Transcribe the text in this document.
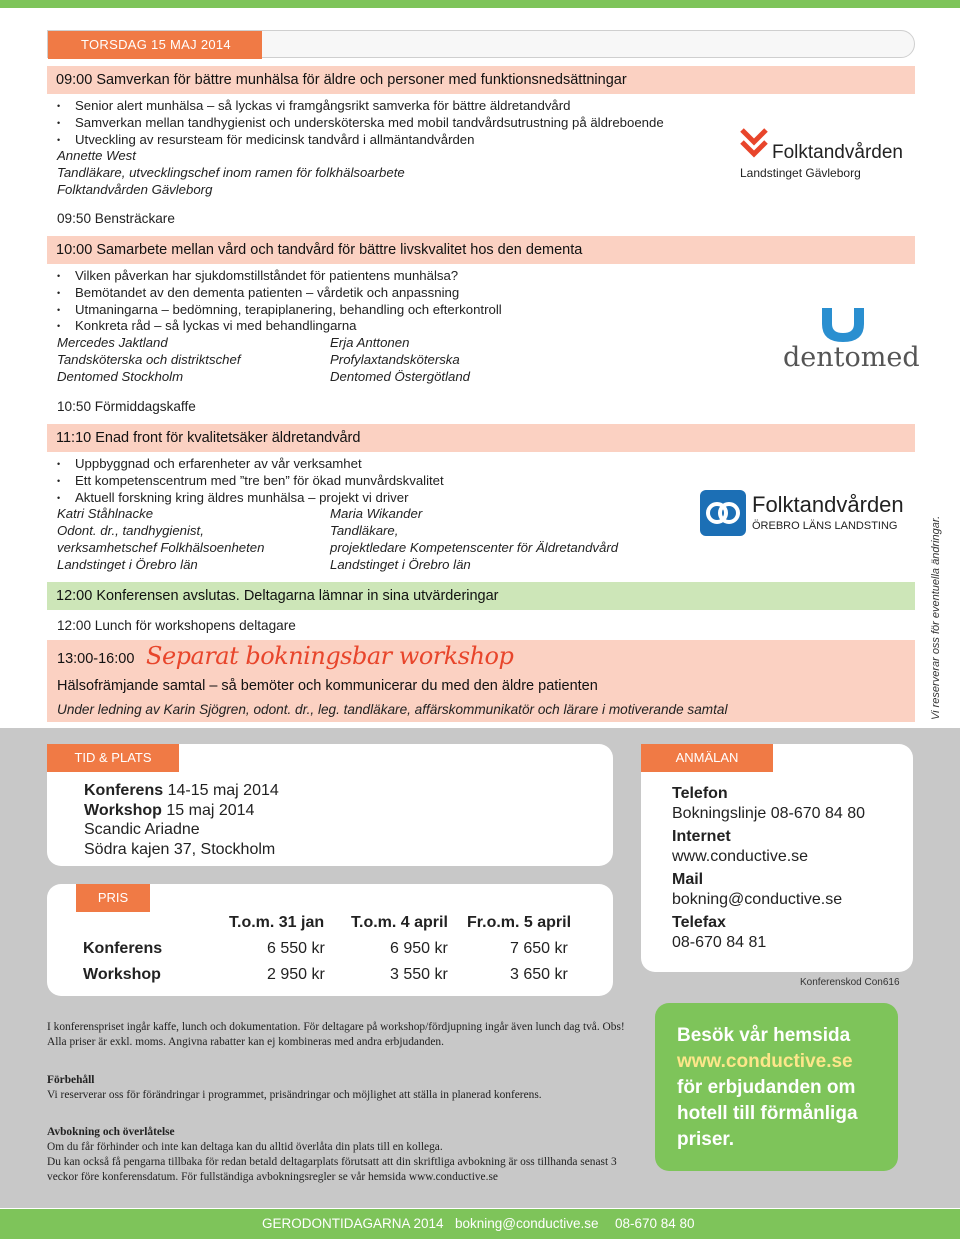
TORSDAG 15 MAJ 2014
09:00 Samverkan för bättre munhälsa för äldre och personer med funktionsnedsättningar
• Senior alert munhälsa – så lyckas vi framgångsrikt samverka för bättre äldretandvård
• Samverkan mellan tandhygienist och undersköterska med mobil tandvårdsutrustning på äldreboende
• Utveckling av resursteam för medicinsk tandvård i allmäntandvården
Annette West
Tandläkare, utvecklingschef inom ramen för folkhälsoarbete
Folktandvården Gävleborg
Folktandvården
Landstinget Gävleborg
09:50 Bensträckare
10:00 Samarbete mellan vård och tandvård för bättre livskvalitet hos den dementa
• Vilken påverkan har sjukdomstillståndet för patientens munhälsa?
• Bemötandet av den dementa patienten – vårdetik och anpassning
• Utmaningarna – bedömning, terapiplanering, behandling och efterkontroll
• Konkreta råd – så lyckas vi med behandlingarna
Mercedes Jaktland
Tandsköterska och distriktschef
Dentomed Stockholm
Erja Anttonen
Profylaxtandsköterska
Dentomed Östergötland
dentomed
10:50 Förmiddagskaffe
11:10 Enad front för kvalitetsäker äldretandvård
• Uppbyggnad och erfarenheter av vår verksamhet
• Ett kompetenscentrum med ”tre ben” för ökad munvårdskvalitet
• Aktuell forskning kring äldres munhälsa – projekt vi driver
Katri Ståhlnacke
Odont. dr., tandhygienist,
verksamhetschef Folkhälsoenheten
Landstinget i Örebro län
Maria Wikander
Tandläkare,
projektledare Kompetenscenter för Äldretandvård
Landstinget i Örebro län
Folktandvården
ÖREBRO LÄNS LANDSTING
12:00 Konferensen avslutas. Deltagarna lämnar in sina utvärderingar
12:00 Lunch för workshopens deltagare
13:00-16:00 Separat bokningsbar workshop
Hälsofrämjande samtal – så bemöter och kommunicerar du med den äldre patienten
Under ledning av Karin Sjögren, odont. dr., leg. tandläkare, affärskommunikatör och lärare i motiverande samtal	Vi reserverar oss för eventuella ändringar.
TID & PLATS
Konferens 14-15 maj 2014
Workshop 15 maj 2014
Scandic Ariadne
Södra kajen 37, Stockholm
PRIS
T.o.m. 31 jan T.o.m. 4 april Fr.o.m. 5 april
Konferens	6 550 kr	6 950 kr	7 650 kr
Workshop	2 950 kr	3 550 kr	3 650 kr
ANMÄLAN
Telefon
Bokningslinje 08-670 84 80
Internet
www.conductive.se
Mail
bokning@conductive.se
Telefax
08-670 84 81
Konferenskod Con616
I konferenspriset ingår kaffe, lunch och dokumentation. För deltagare på workshop/fördjupning ingår även lunch dag två. Obs! Alla priser är exkl. moms. Angivna rabatter kan ej kombineras med andra erbjudanden.
Förbehåll
Vi reserverar oss för förändringar i programmet, prisändringar och möjlighet att ställa in planerad konferens.
Avbokning och överlåtelse
Om du får förhinder och inte kan deltaga kan du alltid överlåta din plats till en kollega.
Du kan också få pengarna tillbaka för redan betald deltagarplats förutsatt att din skriftliga avbokning är oss tillhanda senast 3 veckor före konferensdatum. För fullständiga avbokningsregler se vår hemsida www.conductive.se
Besök vår hemsida
www.conductive.se
för erbjudanden om hotell till förmånliga priser.
GERODONTIDAGARNA 2014 bokning@conductive.se 08-670 84 80
